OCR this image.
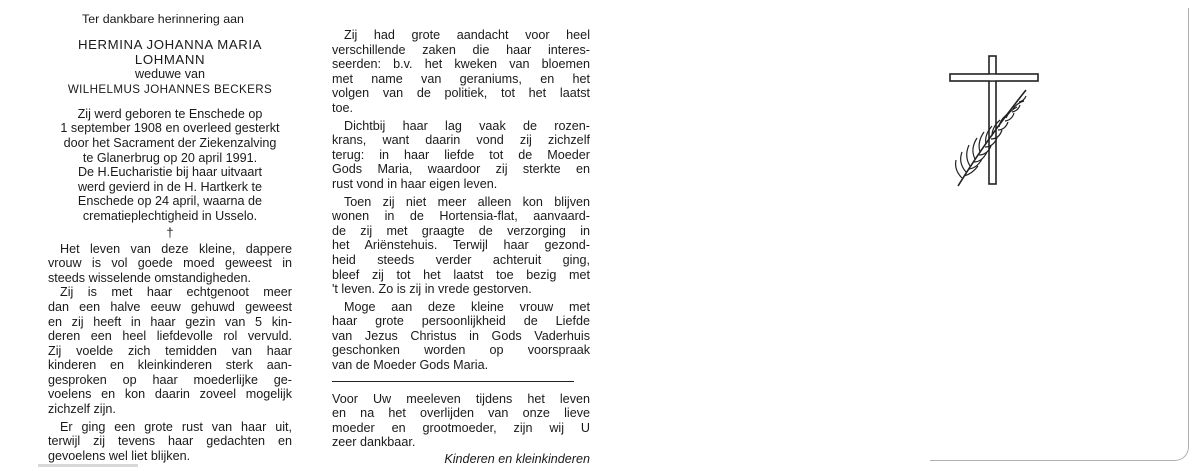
Ter dankbare herinnering aan
HERMINA JOHANNA MARIA
LOHMANN
weduwe van
WILHELMUS JOHANNES BECKERS
Zij werd geboren te Enschede op
1 september 1908 en overleed gesterkt
door het Sacrament der Ziekenzalving
te Glanerbrug op 20 april 1991.
De H.Eucharistie bij haar uitvaart
werd gevierd in de H. Hartkerk te
Enschede op 24 april, waarna de
crematieplechtigheid in Usselo.
†
Het leven van deze kleine, dappere
vrouw is vol goede moed geweest in
steeds wisselende omstandigheden.
Zij is met haar echtgenoot meer
dan een halve eeuw gehuwd geweest
en zij heeft in haar gezin van 5 kin-
deren een heel liefdevolle rol vervuld.
Zij voelde zich temidden van haar
kinderen en kleinkinderen sterk aan-
gesproken op haar moederlijke ge-
voelens en kon daarin zoveel mogelijk
zichzelf zijn.
Er ging een grote rust van haar uit,
terwijl zij tevens haar gedachten en
gevoelens wel liet blijken.
Zij had grote aandacht voor heel
verschillende zaken die haar interes-
seerden: b.v. het kweken van bloemen
met name van geraniums, en het
volgen van de politiek, tot het laatst
toe.
Dichtbij haar lag vaak de rozen-
krans, want daarin vond zij zichzelf
terug: in haar liefde tot de Moeder
Gods Maria, waardoor zij sterkte en
rust vond in haar eigen leven.
Toen zij niet meer alleen kon blijven
wonen in de Hortensia-flat, aanvaard-
de zij met graagte de verzorging in
het Ariënstehuis. Terwijl haar gezond-
heid steeds verder achteruit ging,
bleef zij tot het laatst toe bezig met
't leven. Zo is zij in vrede gestorven.
Moge aan deze kleine vrouw met
haar grote persoonlijkheid de Liefde
van Jezus Christus in Gods Vaderhuis
geschonken worden op voorspraak
van de Moeder Gods Maria.
Voor Uw meeleven tijdens het leven
en na het overlijden van onze lieve
moeder en grootmoeder, zijn wij U
zeer dankbaar.
Kinderen en kleinkinderen
